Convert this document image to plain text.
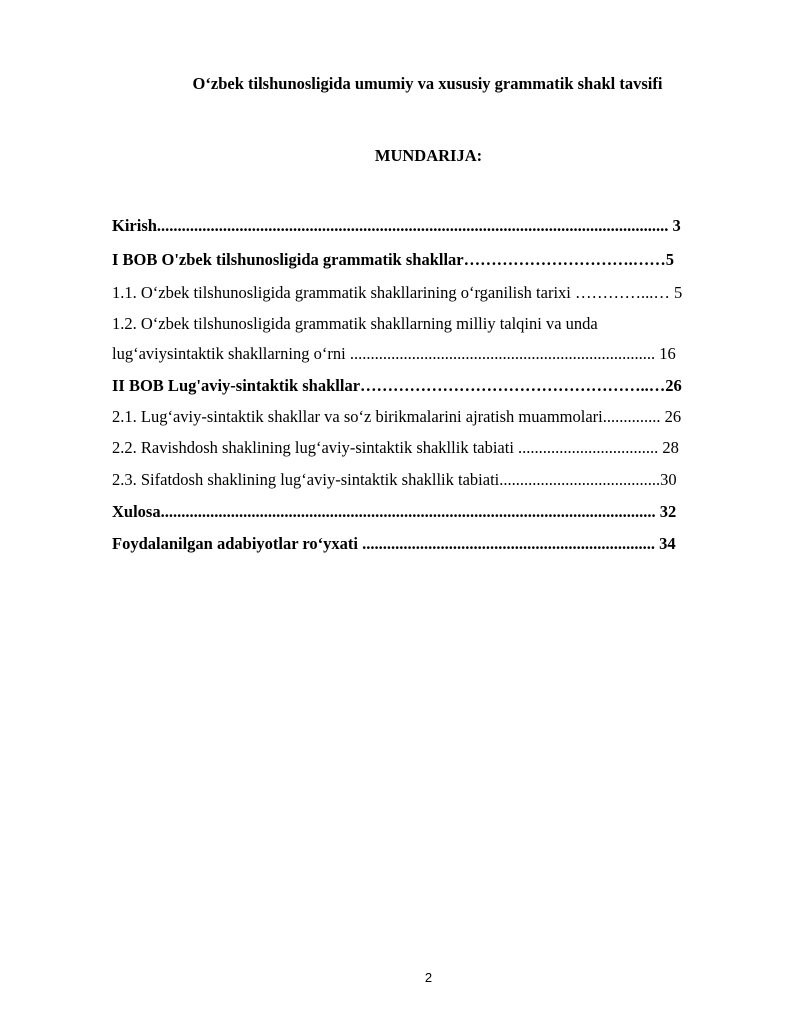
O‘zbek tilshunosligida umumiy va xususiy grammatik shakl tavsifi
MUNDARIJA:
Kirish............................................................................................................................ 3
I BOB O'zbek tilshunosligida grammatik shakllar………………………….……5
1.1. O‘zbek tilshunosligida grammatik shakllarining o‘rganilish tarixi …………...… 5
1.2. O‘zbek tilshunosligida grammatik shakllarning milliy talqini va unda
lug‘aviysintaktik shakllarning o‘rni .......................................................................... 16
II BOB Lug'aviy-sintaktik shakllar……………………………………………..…26
2.1. Lug‘aviy-sintaktik shakllar va so‘z birikmalarini ajratish muammolari.............. 26
2.2. Ravishdosh shaklining lug‘aviy-sintaktik shakllik tabiati .................................. 28
2.3. Sifatdosh shaklining lug‘aviy-sintaktik shakllik tabiati.......................................30
Xulosa........................................................................................................................ 32
Foydalanilgan adabiyotlar ro‘yxati ....................................................................... 34
2
